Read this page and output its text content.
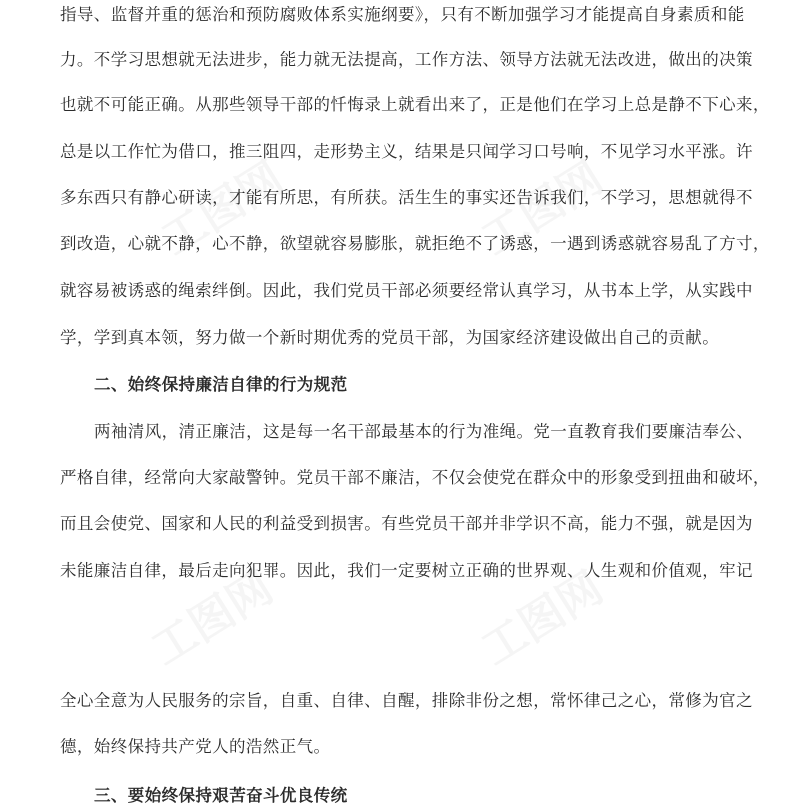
工图网	工图网
工图网	工图网

指导、监督并重的惩治和预防腐败体系实施纲要》，只有不断加强学习才能提高自身素质和能

力。不学习思想就无法进步，能力就无法提高，工作方法、领导方法就无法改进，做出的决策

也就不可能正确。从那些领导干部的忏悔录上就看出来了，正是他们在学习上总是静不下心来，

总是以工作忙为借口，推三阻四，走形势主义，结果是只闻学习口号响，不见学习水平涨。许

多东西只有静心研读，才能有所思，有所获。活生生的事实还告诉我们，不学习，思想就得不

到改造，心就不静，心不静，欲望就容易膨胀，就拒绝不了诱惑，一遇到诱惑就容易乱了方寸，

就容易被诱惑的绳索绊倒。因此，我们党员干部必须要经常认真学习，从书本上学，从实践中

学，学到真本领，努力做一个新时期优秀的党员干部，为国家经济建设做出自己的贡献。

二、始终保持廉洁自律的行为规范

两袖清风，清正廉洁，这是每一名干部最基本的行为准绳。党一直教育我们要廉洁奉公、

严格自律，经常向大家敲警钟。党员干部不廉洁，不仅会使党在群众中的形象受到扭曲和破坏，

而且会使党、国家和人民的利益受到损害。有些党员干部并非学识不高，能力不强，就是因为

未能廉洁自律，最后走向犯罪。因此，我们一定要树立正确的世界观、人生观和价值观，牢记

全心全意为人民服务的宗旨，自重、自律、自醒，排除非份之想，常怀律己之心，常修为官之

德，始终保持共产党人的浩然正气。

三、要始终保持艰苦奋斗优良传统
